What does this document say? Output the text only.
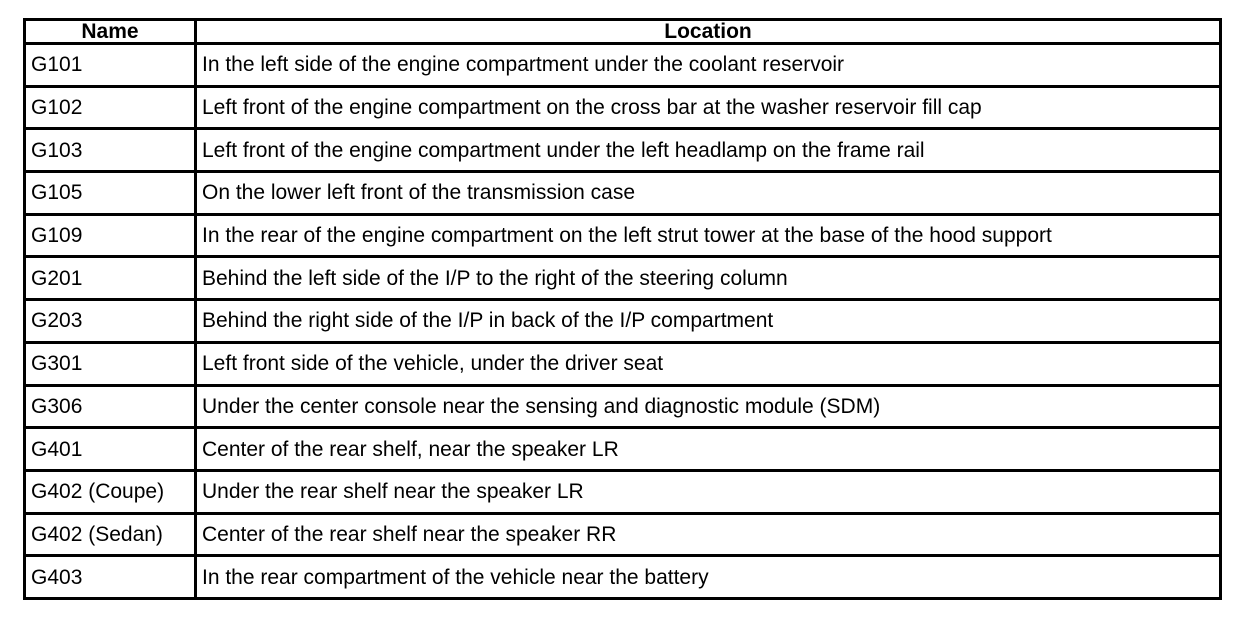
Name	Location
G101	In the left side of the engine compartment under the coolant reservoir
G102	Left front of the engine compartment on the cross bar at the washer reservoir fill cap
G103	Left front of the engine compartment under the left headlamp on the frame rail
G105	On the lower left front of the transmission case
G109	In the rear of the engine compartment on the left strut tower at the base of the hood support
G201	Behind the left side of the I/P to the right of the steering column
G203	Behind the right side of the I/P in back of the I/P compartment
G301	Left front side of the vehicle, under the driver seat
G306	Under the center console near the sensing and diagnostic module (SDM)
G401	Center of the rear shelf, near the speaker LR
G402 (Coupe)	Under the rear shelf near the speaker LR
G402 (Sedan)	Center of the rear shelf near the speaker RR
G403	In the rear compartment of the vehicle near the battery
